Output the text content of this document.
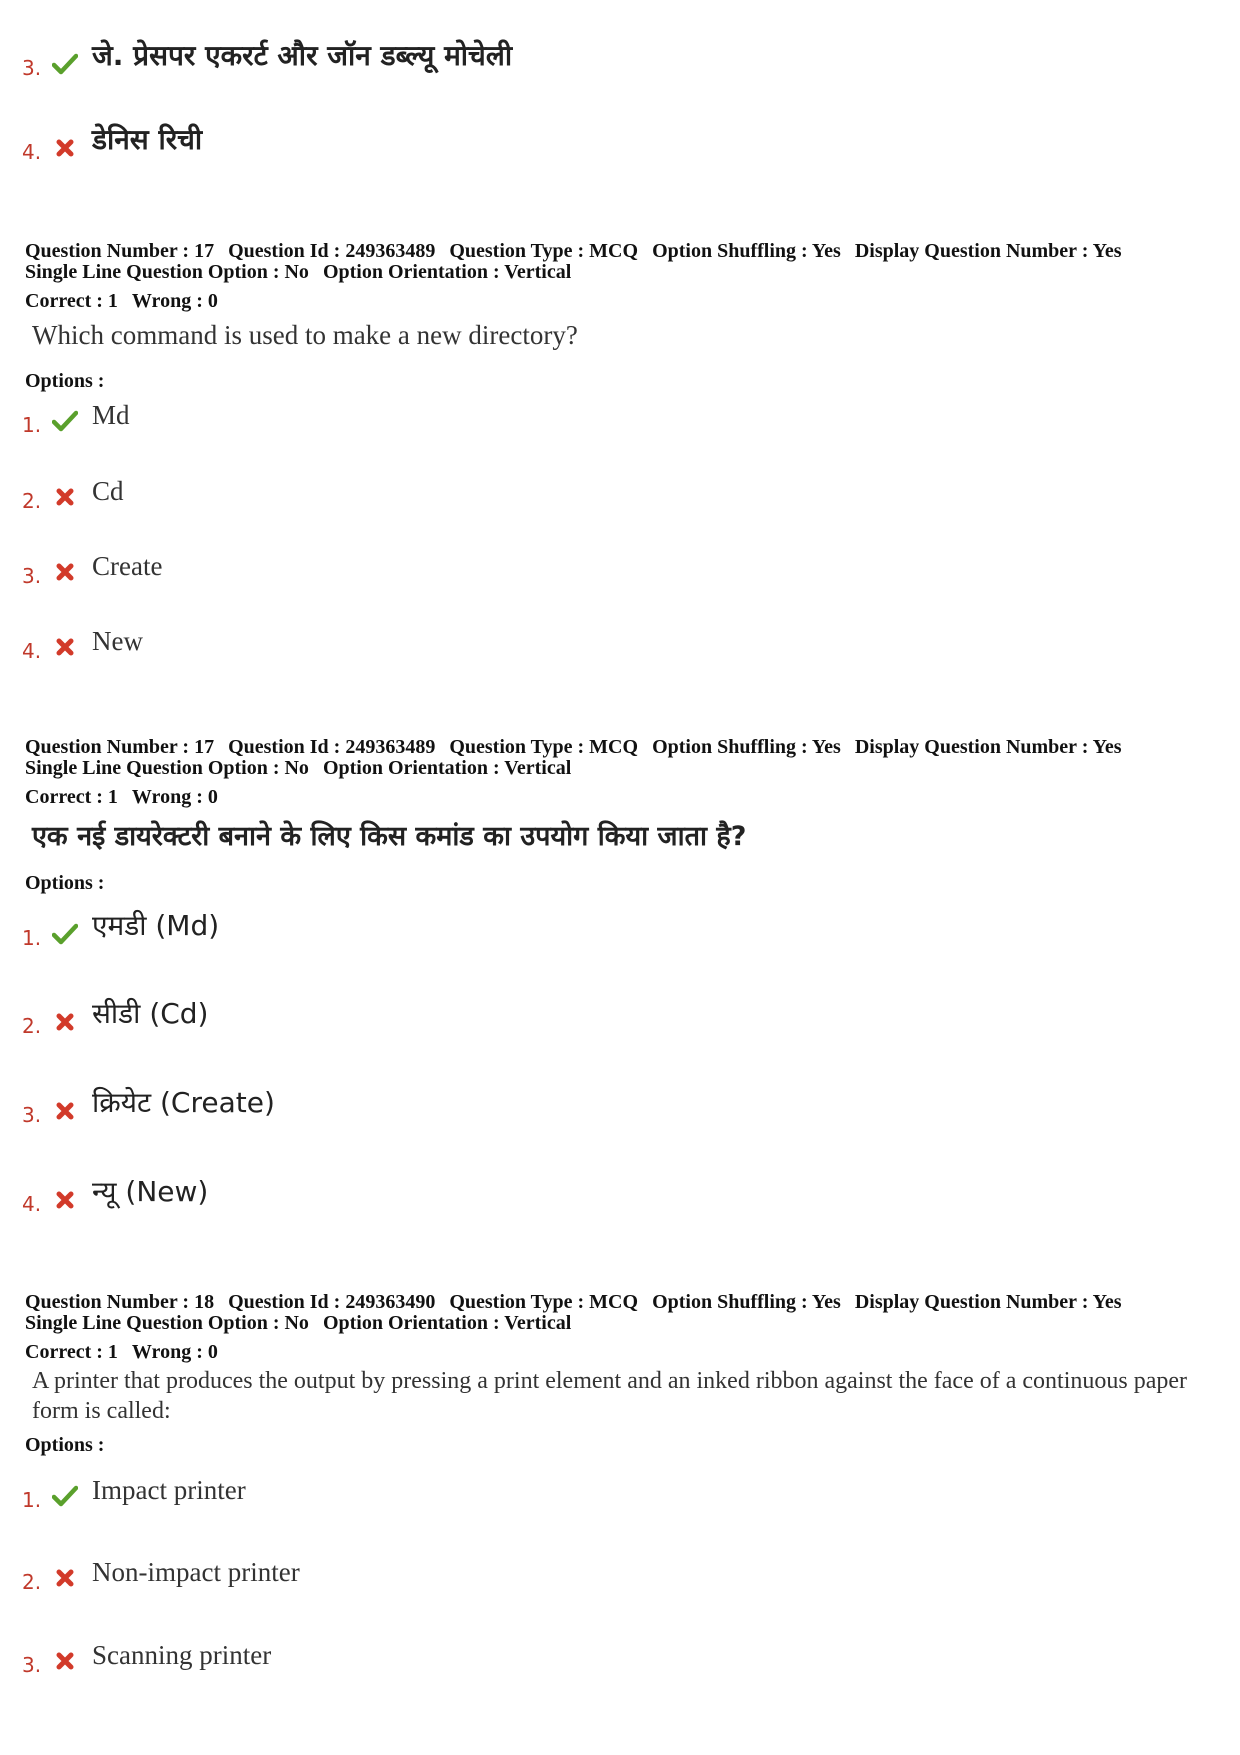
3. जे. प्रेसपर एकरर्ट और जॉन डब्ल्यू मोचेली
4. डेनिस रिची
Question Number : 17 Question Id : 249363489 Question Type : MCQ Option Shuffling : Yes Display Question Number : Yes
Single Line Question Option : No Option Orientation : Vertical
Correct : 1 Wrong : 0
Which command is used to make a new directory?
Options :
1. Md
2. Cd
3. Create
4. New
Question Number : 17 Question Id : 249363489 Question Type : MCQ Option Shuffling : Yes Display Question Number : Yes
Single Line Question Option : No Option Orientation : Vertical
Correct : 1 Wrong : 0
एक नई डायरेक्टरी बनाने के लिए किस कमांड का उपयोग किया जाता है?
Options :
1. एमडी (Md)
2. सीडी (Cd)
3. क्रियेट (Create)
4. न्यू (New)
Question Number : 18 Question Id : 249363490 Question Type : MCQ Option Shuffling : Yes Display Question Number : Yes
Single Line Question Option : No Option Orientation : Vertical
Correct : 1 Wrong : 0
A printer that produces the output by pressing a print element and an inked ribbon against the face of a continuous paper form is called:
Options :
1. Impact printer
2. Non-impact printer
3. Scanning printer
